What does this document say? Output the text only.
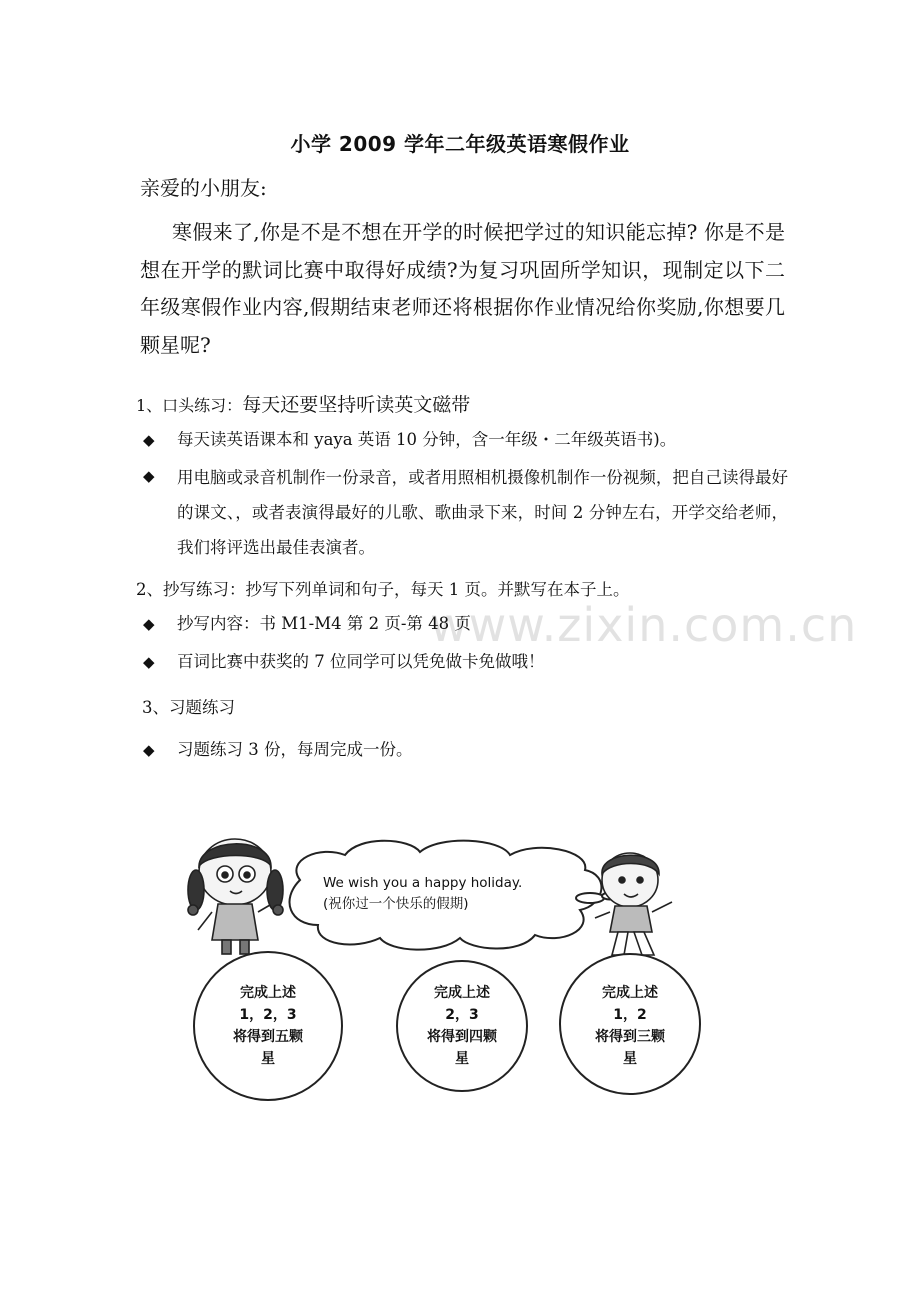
www.zixin.com.cn
小学 2009 学年二年级英语寒假作业
亲爱的小朋友:
寒假来了,你是不是不想在开学的时候把学过的知识能忘掉? 你是不是想在开学的默词比赛中取得好成绩?为复习巩固所学知识，现制定以下二年级寒假作业内容,假期结束老师还将根据你作业情况给你奖励,你想要几颗星呢?
1、口头练习：每天还要坚持听读英文磁带
◆	每天读英语课本和 yaya 英语 10 分钟，含一年级・二年级英语书)。
◆	用电脑或录音机制作一份录音，或者用照相机摄像机制作一份视频，把自己读得最好的课文、，或者表演得最好的儿歌、歌曲录下来，时间 2 分钟左右，开学交给老师，我们将评选出最佳表演者。
2、抄写练习：抄写下列单词和句子，每天 1 页。并默写在本子上。
◆	抄写内容：书 M1-M4 第 2 页-第 48 页
◆	百词比赛中获奖的 7 位同学可以凭免做卡免做哦！
3、习题练习
◆	习题练习 3 份，每周完成一份。
We wish you a happy holiday.
(祝你过一个快乐的假期)
完成上述
1，2，3
将得到五颗
星
完成上述
2，3
将得到四颗
星
完成上述
1，2
将得到三颗
星
